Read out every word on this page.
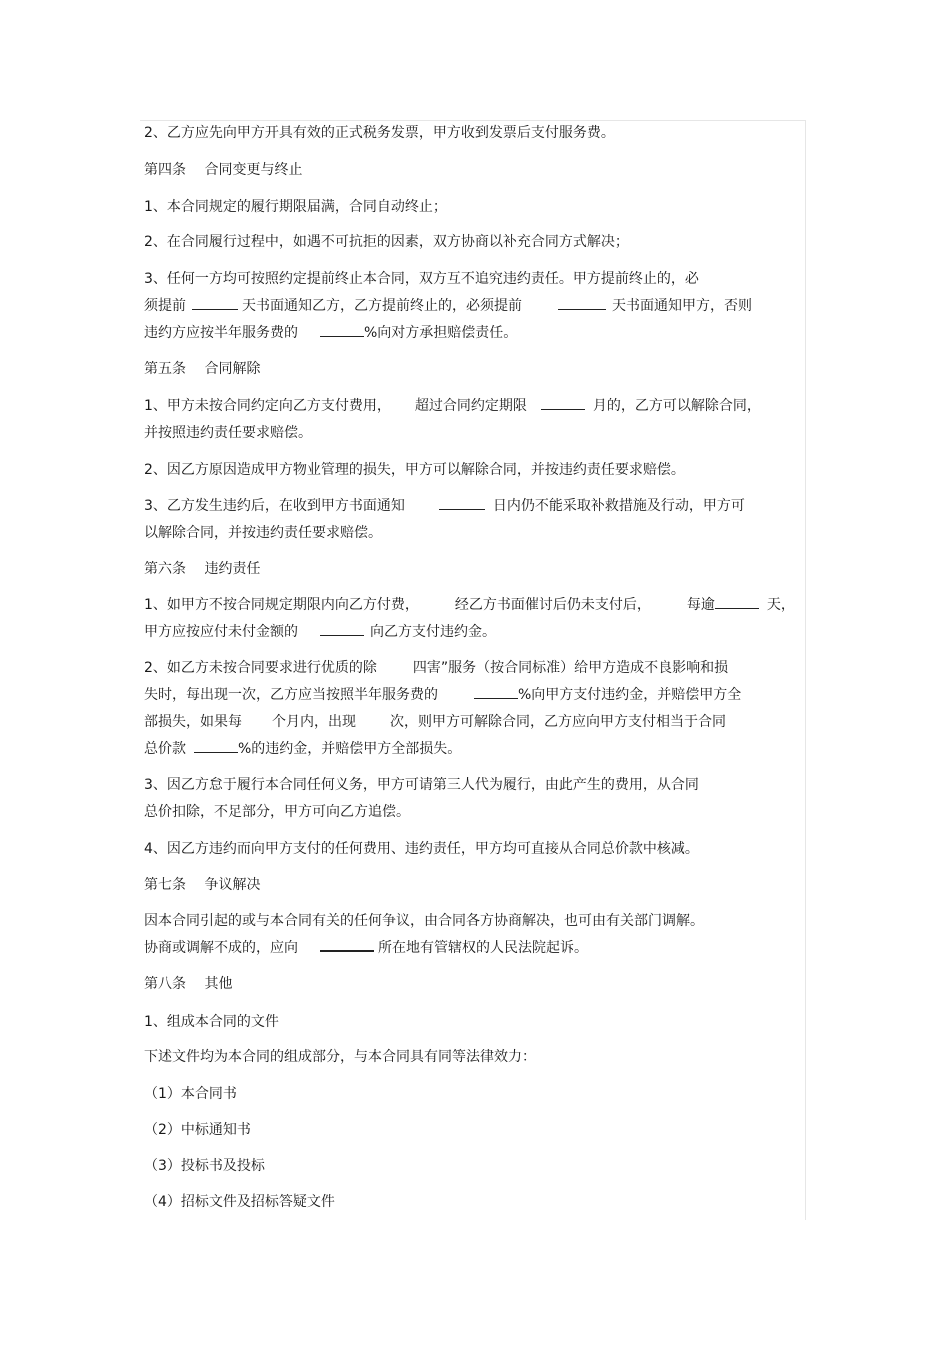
2、乙方应先向甲方开具有效的正式税务发票，甲方收到发票后支付服务费。
第四条　 合同变更与终止
1、本合同规定的履行期限届满，合同自动终止；
2、在合同履行过程中，如遇不可抗拒的因素，双方协商以补充合同方式解决；
3、任何一方均可按照约定提前终止本合同，双方互不追究违约责任。甲方提前终止的，必
须提前	天书面通知乙方，乙方提前终止的，必须提前	天书面通知甲方，否则
违约方应按半年服务费的	%向对方承担赔偿责任。
第五条　 合同解除
1、甲方未按合同约定向乙方支付费用， 超过合同约定期限	月的，乙方可以解除合同，
并按照违约责任要求赔偿。
2、因乙方原因造成甲方物业管理的损失，甲方可以解除合同，并按违约责任要求赔偿。
3、乙方发生违约后，在收到甲方书面通知	日内仍不能采取补救措施及行动，甲方可
以解除合同，并按违约责任要求赔偿。
第六条　 违约责任
1、如甲方不按合同规定期限内向乙方付费，	经乙方书面催讨后仍未支付后，	每逾	天，
甲方应按应付未付金额的	向乙方支付违约金。
2、如乙方未按合同要求进行优质的除	四害”服务（按合同标准）给甲方造成不良影响和损
失时，每出现一次，乙方应当按照半年服务费的	%向甲方支付违约金，并赔偿甲方全
部损失，如果每 个月内，出现 次，则甲方可解除合同，乙方应向甲方支付相当于合同
总价款	%的违约金，并赔偿甲方全部损失。
3、因乙方怠于履行本合同任何义务，甲方可请第三人代为履行，由此产生的费用，从合同
总价扣除，不足部分，甲方可向乙方追偿。
4、因乙方违约而向甲方支付的任何费用、违约责任，甲方均可直接从合同总价款中核减。
第七条　 争议解决
因本合同引起的或与本合同有关的任何争议，由合同各方协商解决，也可由有关部门调解。
协商或调解不成的，应向	所在地有管辖权的人民法院起诉。
第八条　 其他
1、组成本合同的文件
下述文件均为本合同的组成部分，与本合同具有同等法律效力：
（1）本合同书
（2）中标通知书
（3）投标书及投标
（4）招标文件及招标答疑文件
